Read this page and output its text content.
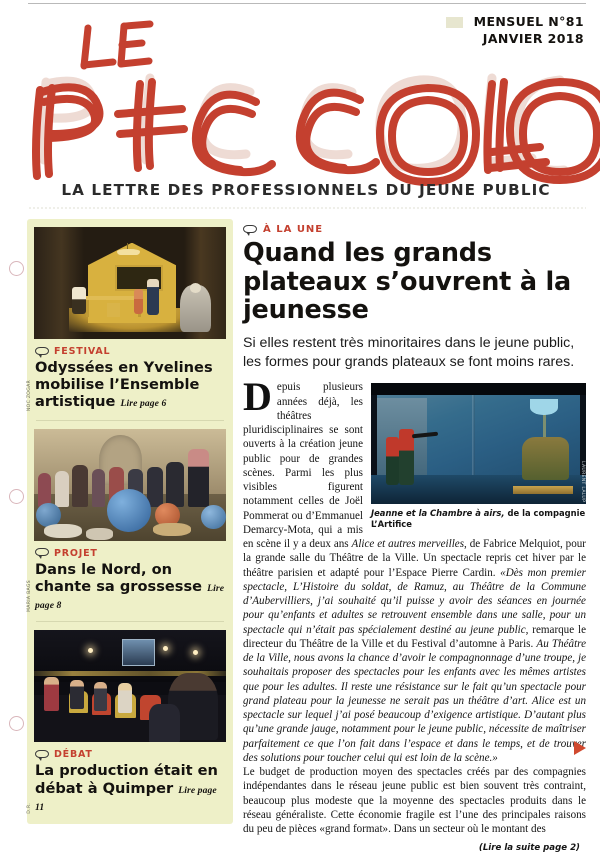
MENSUEL N°81
JANVIER 2018
LA LETTRE DES PROFESSIONNELS DU JEUNE PUBLIC
NOC ZOGAR
FESTIVAL
Odyssées en Yvelines mobilise l’Ensemble artistique Lire page 6
MARIA BAGS
PROJET
Dans le Nord, on chante sa grossesse Lire page 8
D.R.
DÉBAT
La production était en débat à Quimper Lire page 11
À LA UNE
Quand les grands plateaux s’ouvrent à la jeunesse

Si elles restent très minoritaires dans le jeune public, les formes pour grands plateaux se font moins rares.

LAURENT LALUP
Jeanne et la Chambre à airs, de la compagnie L’Artifice

Depuis plusieurs années déjà, les théâtres pluridisciplinaires se sont ouverts à la création jeune public pour de grandes scènes. Parmi les plus visibles figurent notamment celles de Joël Pommerat ou d’Emmanuel Demarcy-Mota, qui a mis en scène il y a deux ans Alice et autres merveilles, de Fabrice Melquiot, pour la grande salle du Théâtre de la Ville. Un spectacle repris cet hiver par le théâtre parisien et adapté pour l’Espace Pierre Cardin. «Dès mon premier spectacle, L’Histoire du soldat, de Ramuz, au Théâtre de la Commune d’Aubervilliers, j’ai souhaité qu’il puisse y avoir des séances en journée pour qu’enfants et adultes se retrouvent ensemble dans une salle, pour un spectacle qui n’était pas spécialement destiné au jeune public, remarque le directeur du Théâtre de la Ville et du Festival d’automne à Paris. Au Théâtre de la Ville, nous avons la chance d’avoir le compagnonnage d’une troupe, je souhaitais proposer des spectacles pour les enfants avec les mêmes artistes que pour les adultes. Il reste une résistance sur le fait qu’un spectacle pour grand plateau pour la jeunesse ne serait pas un théâtre d’art. Alice est un spectacle sur lequel j’ai posé beaucoup d’exigence artistique. D’autant plus qu’une grande jauge, notamment pour le jeune public, nécessite de maîtriser parfaitement ce que l’on fait dans l’espace et dans le temps, et de trouver des solutions pour toucher celui qui est loin de la scène.»

Le budget de production moyen des spectacles créés par des compagnies indépendantes dans le réseau jeune public est bien souvent très contraint, beaucoup plus modeste que la moyenne des spectacles produits dans le réseau généraliste. Cette économie fragile est l’une des principales raisons du peu de pièces «grand format». Dans un secteur où le montant des

(Lire la suite page 2)
